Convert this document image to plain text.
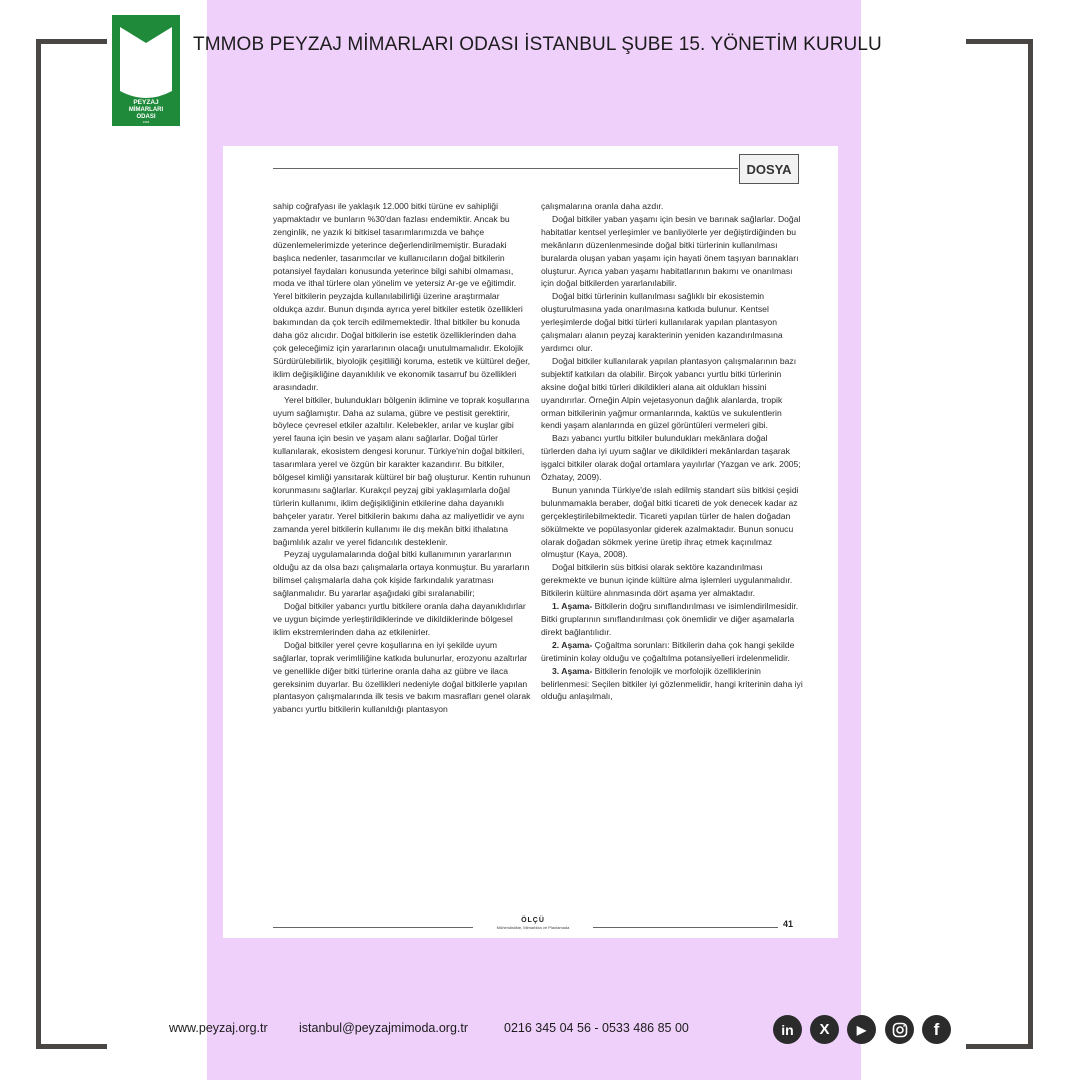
TMMOB
PEYZAJ
MİMARLARI
ODASI
1964
TMMOB PEYZAJ MİMARLARI ODASI İSTANBUL ŞUBE 15. YÖNETİM KURULU
DOSYA

sahip coğrafyası ile yaklaşık 12.000 bitki türüne ev sahipliği yapmaktadır ve bunların %30'dan fazlası endemiktir. Ancak bu zenginlik, ne yazık ki bitkisel tasarımlarımızda ve bahçe düzenlemelerimizde yeterince değerlendirilmemiştir. Buradaki başlıca nedenler, tasarımcılar ve kullanıcıların doğal bitkilerin potansiyel faydaları konusunda yeterince bilgi sahibi olmaması, moda ve ithal türlere olan yönelim ve yetersiz Ar-ge ve eğitimdir. Yerel bitkilerin peyzajda kullanılabilirliği üzerine araştırmalar oldukça azdır. Bunun dışında ayrıca yerel bitkiler estetik özellikleri bakımından da çok tercih edilmemektedir. İthal bitkiler bu konuda daha göz alıcıdır. Doğal bitkilerin ise estetik özelliklerinden daha çok geleceğimiz için yararlarının olacağı unutulmamalıdır. Ekolojik Sürdürülebilirlik, biyolojik çeşitliliği koruma, estetik ve kültürel değer, iklim değişikliğine dayanıklılık ve ekonomik tasarruf bu özellikleri arasındadır.

Yerel bitkiler, bulundukları bölgenin iklimine ve toprak koşullarına uyum sağlamıştır. Daha az sulama, gübre ve pestisit gerektirir, böylece çevresel etkiler azaltılır. Kelebekler, arılar ve kuşlar gibi yerel fauna için besin ve yaşam alanı sağlarlar. Doğal türler kullanılarak, ekosistem dengesi korunur. Türkiye'nin doğal bitkileri, tasarımlara yerel ve özgün bir karakter kazandırır. Bu bitkiler, bölgesel kimliği yansıtarak kültürel bir bağ oluşturur. Kentin ruhunun korunmasını sağlarlar. Kurakçıl peyzaj gibi yaklaşımlarla doğal türlerin kullanımı, iklim değişikliğinin etkilerine daha dayanıklı bahçeler yaratır. Yerel bitkilerin bakımı daha az maliyetlidir ve aynı zamanda yerel bitkilerin kullanımı ile dış mekân bitki ithalatına bağımlılık azalır ve yerel fidancılık desteklenir.

Peyzaj uygulamalarında doğal bitki kullanımının yararlarının olduğu az da olsa bazı çalışmalarla ortaya konmuştur. Bu yararların bilimsel çalışmalarla daha çok kişide farkındalık yaratması sağlanmalıdır. Bu yararlar aşağıdaki gibi sıralanabilir;

Doğal bitkiler yabancı yurtlu bitkilere oranla daha dayanıklıdırlar ve uygun biçimde yerleştirildiklerinde ve dikildiklerinde bölgesel iklim ekstremlerinden daha az etkilenirler.

Doğal bitkiler yerel çevre koşullarına en iyi şekilde uyum sağlarlar, toprak verimliliğine katkıda bulunurlar, erozyonu azaltırlar ve genellikle diğer bitki türlerine oranla daha az gübre ve ilaca gereksinim duyarlar. Bu özellikleri nedeniyle doğal bitkilerle yapılan plantasyon çalışmalarında ilk tesis ve bakım masrafları genel olarak yabancı yurtlu bitkilerin kullanıldığı plantasyon

çalışmalarına oranla daha azdır.

Doğal bitkiler yaban yaşamı için besin ve barınak sağlarlar. Doğal habitatlar kentsel yerleşimler ve banliyölerle yer değiştirdiğinden bu mekânların düzenlenmesinde doğal bitki türlerinin kullanılması buralarda oluşan yaban yaşamı için hayati önem taşıyan barınakları oluşturur. Ayrıca yaban yaşamı habitatlarının bakımı ve onarılması için doğal bitkilerden yararlanılabilir.

Doğal bitki türlerinin kullanılması sağlıklı bir ekosistemin oluşturulmasına yada onarılmasına katkıda bulunur. Kentsel yerleşimlerde doğal bitki türleri kullanılarak yapılan plantasyon çalışmaları alanın peyzaj karakterinin yeniden kazandırılmasına yardımcı olur.

Doğal bitkiler kullanılarak yapılan plantasyon çalışmalarının bazı subjektif katkıları da olabilir. Birçok yabancı yurtlu bitki türlerinin aksine doğal bitki türleri dikildikleri alana ait oldukları hissini uyandırırlar. Örneğin Alpin vejetasyonun dağlık alanlarda, tropik orman bitkilerinin yağmur ormanlarında, kaktüs ve sukulentlerin kendi yaşam alanlarında en güzel görüntüleri vermeleri gibi.

Bazı yabancı yurtlu bitkiler bulundukları mekânlara doğal türlerden daha iyi uyum sağlar ve dikildikleri mekânlardan taşarak işgalci bitkiler olarak doğal ortamlara yayılırlar (Yazgan ve ark. 2005; Özhatay, 2009).

Bunun yanında Türkiye'de ıslah edilmiş standart süs bitkisi çeşidi bulunmamakla beraber, doğal bitki ticareti de yok denecek kadar az gerçekleştirilebilmektedir. Ticareti yapılan türler de halen doğadan sökülmekte ve popülasyonlar giderek azalmaktadır. Bunun sonucu olarak doğadan sökmek yerine üretip ihraç etmek kaçınılmaz olmuştur (Kaya, 2008).

Doğal bitkilerin süs bitkisi olarak sektöre kazandırılması gerekmekte ve bunun içinde kültüre alma işlemleri uygulanmalıdır. Bitkilerin kültüre alınmasında dört aşama yer almaktadır.

1. Aşama- Bitkilerin doğru sınıflandırılması ve isimlendirilmesidir. Bitki gruplarının sınıflandırılması çok önemlidir ve diğer aşamalarla direkt bağlantılıdır.

2. Aşama- Çoğaltma sorunları: Bitkilerin daha çok hangi şekilde üretiminin kolay olduğu ve çoğaltılma potansiyelleri irdelenmelidir.

3. Aşama- Bitkilerin fenolojik ve morfolojik özelliklerinin belirlenmesi: Seçilen bitkiler iyi gözlenmelidir, hangi kriterinin daha iyi olduğu anlaşılmalı,

ÖLÇÜ
Mühendislikte, Mimarlıkta ve Planlamada	41
www.peyzaj.org.tr	istanbul@peyzajmimoda.org.tr	0216 345 04 56 - 0533 486 85 00	in	X	▶	f
